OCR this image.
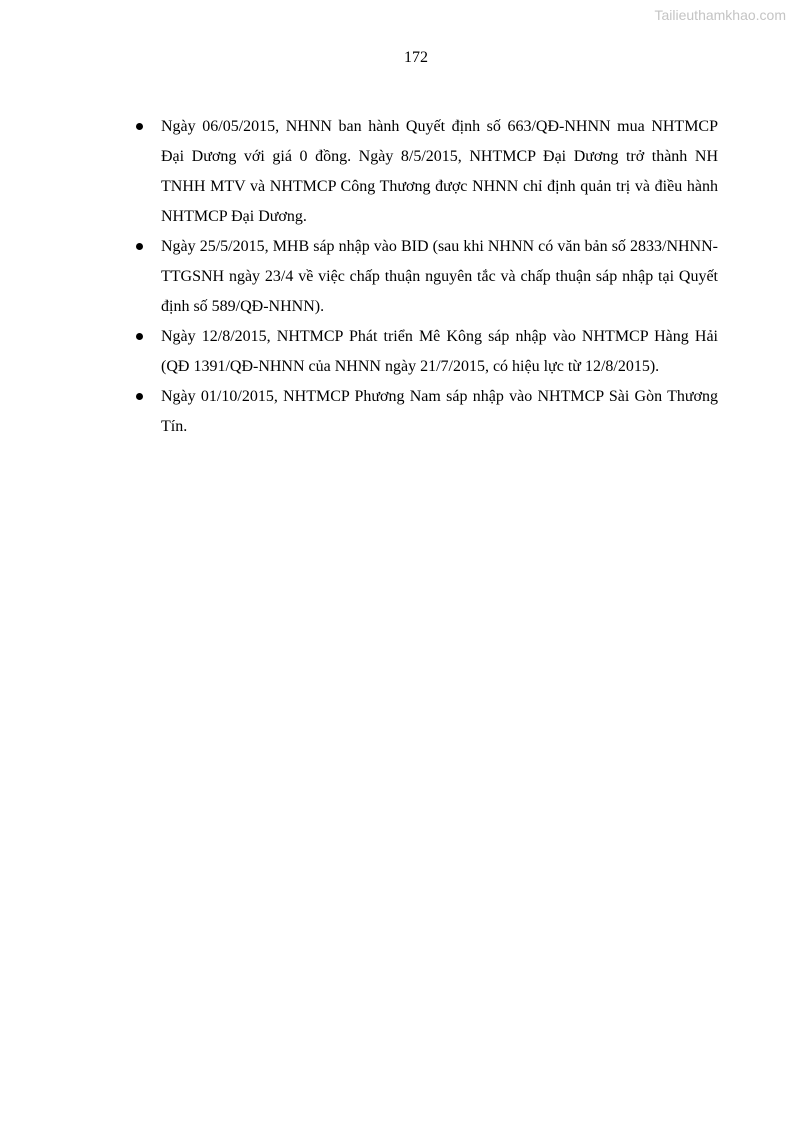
Tailieuthamkhao.com
172
Ngày 06/05/2015, NHNN ban hành Quyết định số 663/QĐ-NHNN mua NHTMCP Đại Dương với giá 0 đồng. Ngày 8/5/2015, NHTMCP Đại Dương trở thành NH TNHH MTV và NHTMCP Công Thương được NHNN chỉ định quản trị và điều hành NHTMCP Đại Dương.
Ngày 25/5/2015, MHB sáp nhập vào BID (sau khi NHNN có văn bản số 2833/NHNN-TTGSNH ngày 23/4 về việc chấp thuận nguyên tắc và chấp thuận sáp nhập tại Quyết định số 589/QĐ-NHNN).
Ngày 12/8/2015, NHTMCP Phát triển Mê Kông sáp nhập vào NHTMCP Hàng Hải (QĐ 1391/QĐ-NHNN của NHNN ngày 21/7/2015, có hiệu lực từ 12/8/2015).
Ngày 01/10/2015, NHTMCP Phương Nam sáp nhập vào NHTMCP Sài Gòn Thương Tín.
